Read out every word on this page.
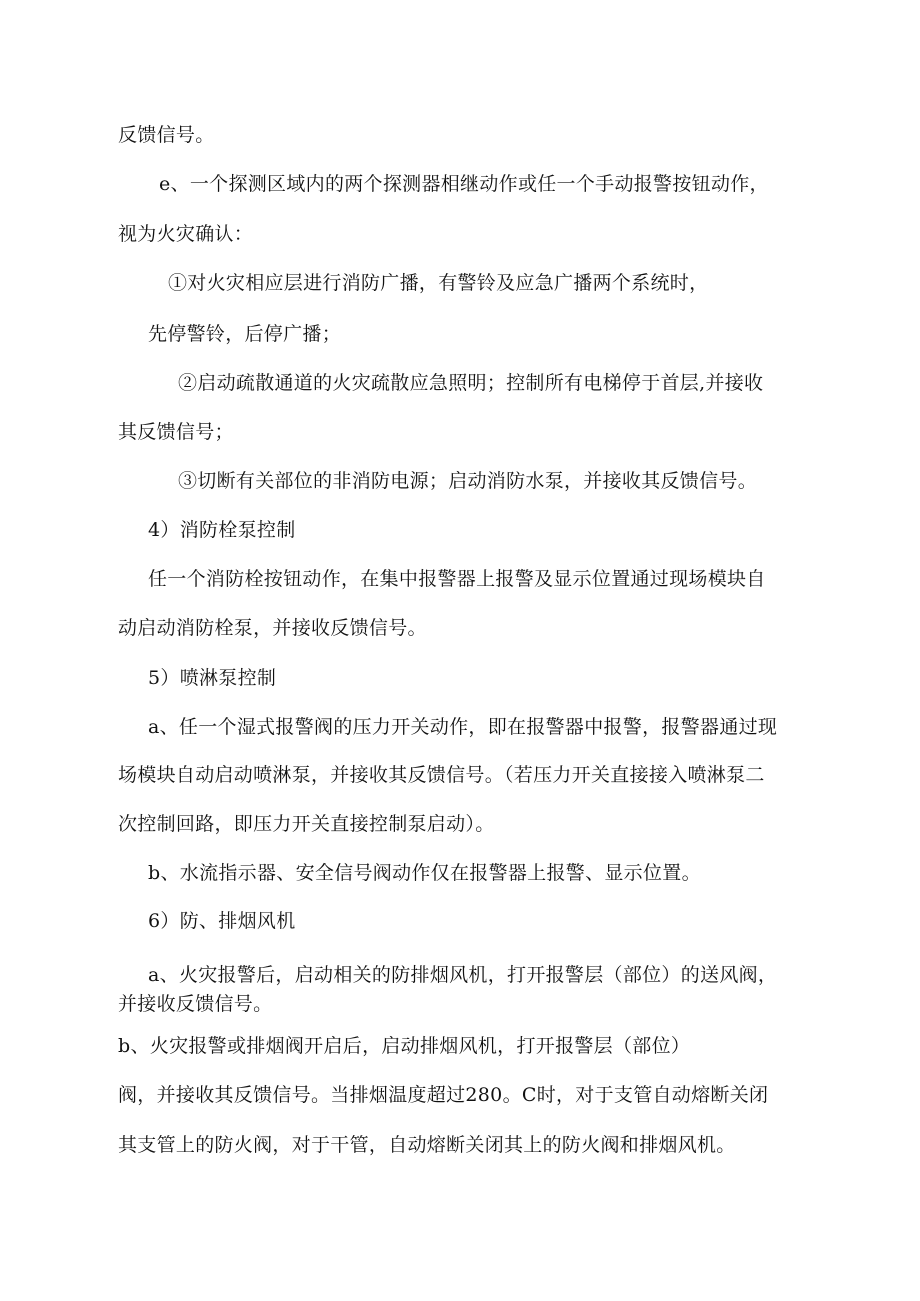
反馈信号。
e、一个探测区域内的两个探测器相继动作或任一个手动报警按钮动作，
视为火灾确认：
①对火灾相应层进行消防广播，有警铃及应急广播两个系统时，
先停警铃，后停广播；
②启动疏散通道的火灾疏散应急照明；控制所有电梯停于首层,并接收
其反馈信号；
③切断有关部位的非消防电源；启动消防水泵，并接收其反馈信号。
4）消防栓泵控制
任一个消防栓按钮动作，在集中报警器上报警及显示位置通过现场模块自
动启动消防栓泵，并接收反馈信号。
5）喷淋泵控制
a、任一个湿式报警阀的压力开关动作，即在报警器中报警，报警器通过现
场模块自动启动喷淋泵，并接收其反馈信号。（若压力开关直接接入喷淋泵二
次控制回路，即压力开关直接控制泵启动）。
b、水流指示器、安全信号阀动作仅在报警器上报警、显示位置。
6）防、排烟风机
a、火灾报警后，启动相关的防排烟风机，打开报警层（部位）的送风阀，
并接收反馈信号。
b、火灾报警或排烟阀开启后，启动排烟风机，打开报警层（部位）
阀，并接收其反馈信号。当排烟温度超过280。C时，对于支管自动熔断关闭
其支管上的防火阀，对于干管，自动熔断关闭其上的防火阀和排烟风机。
